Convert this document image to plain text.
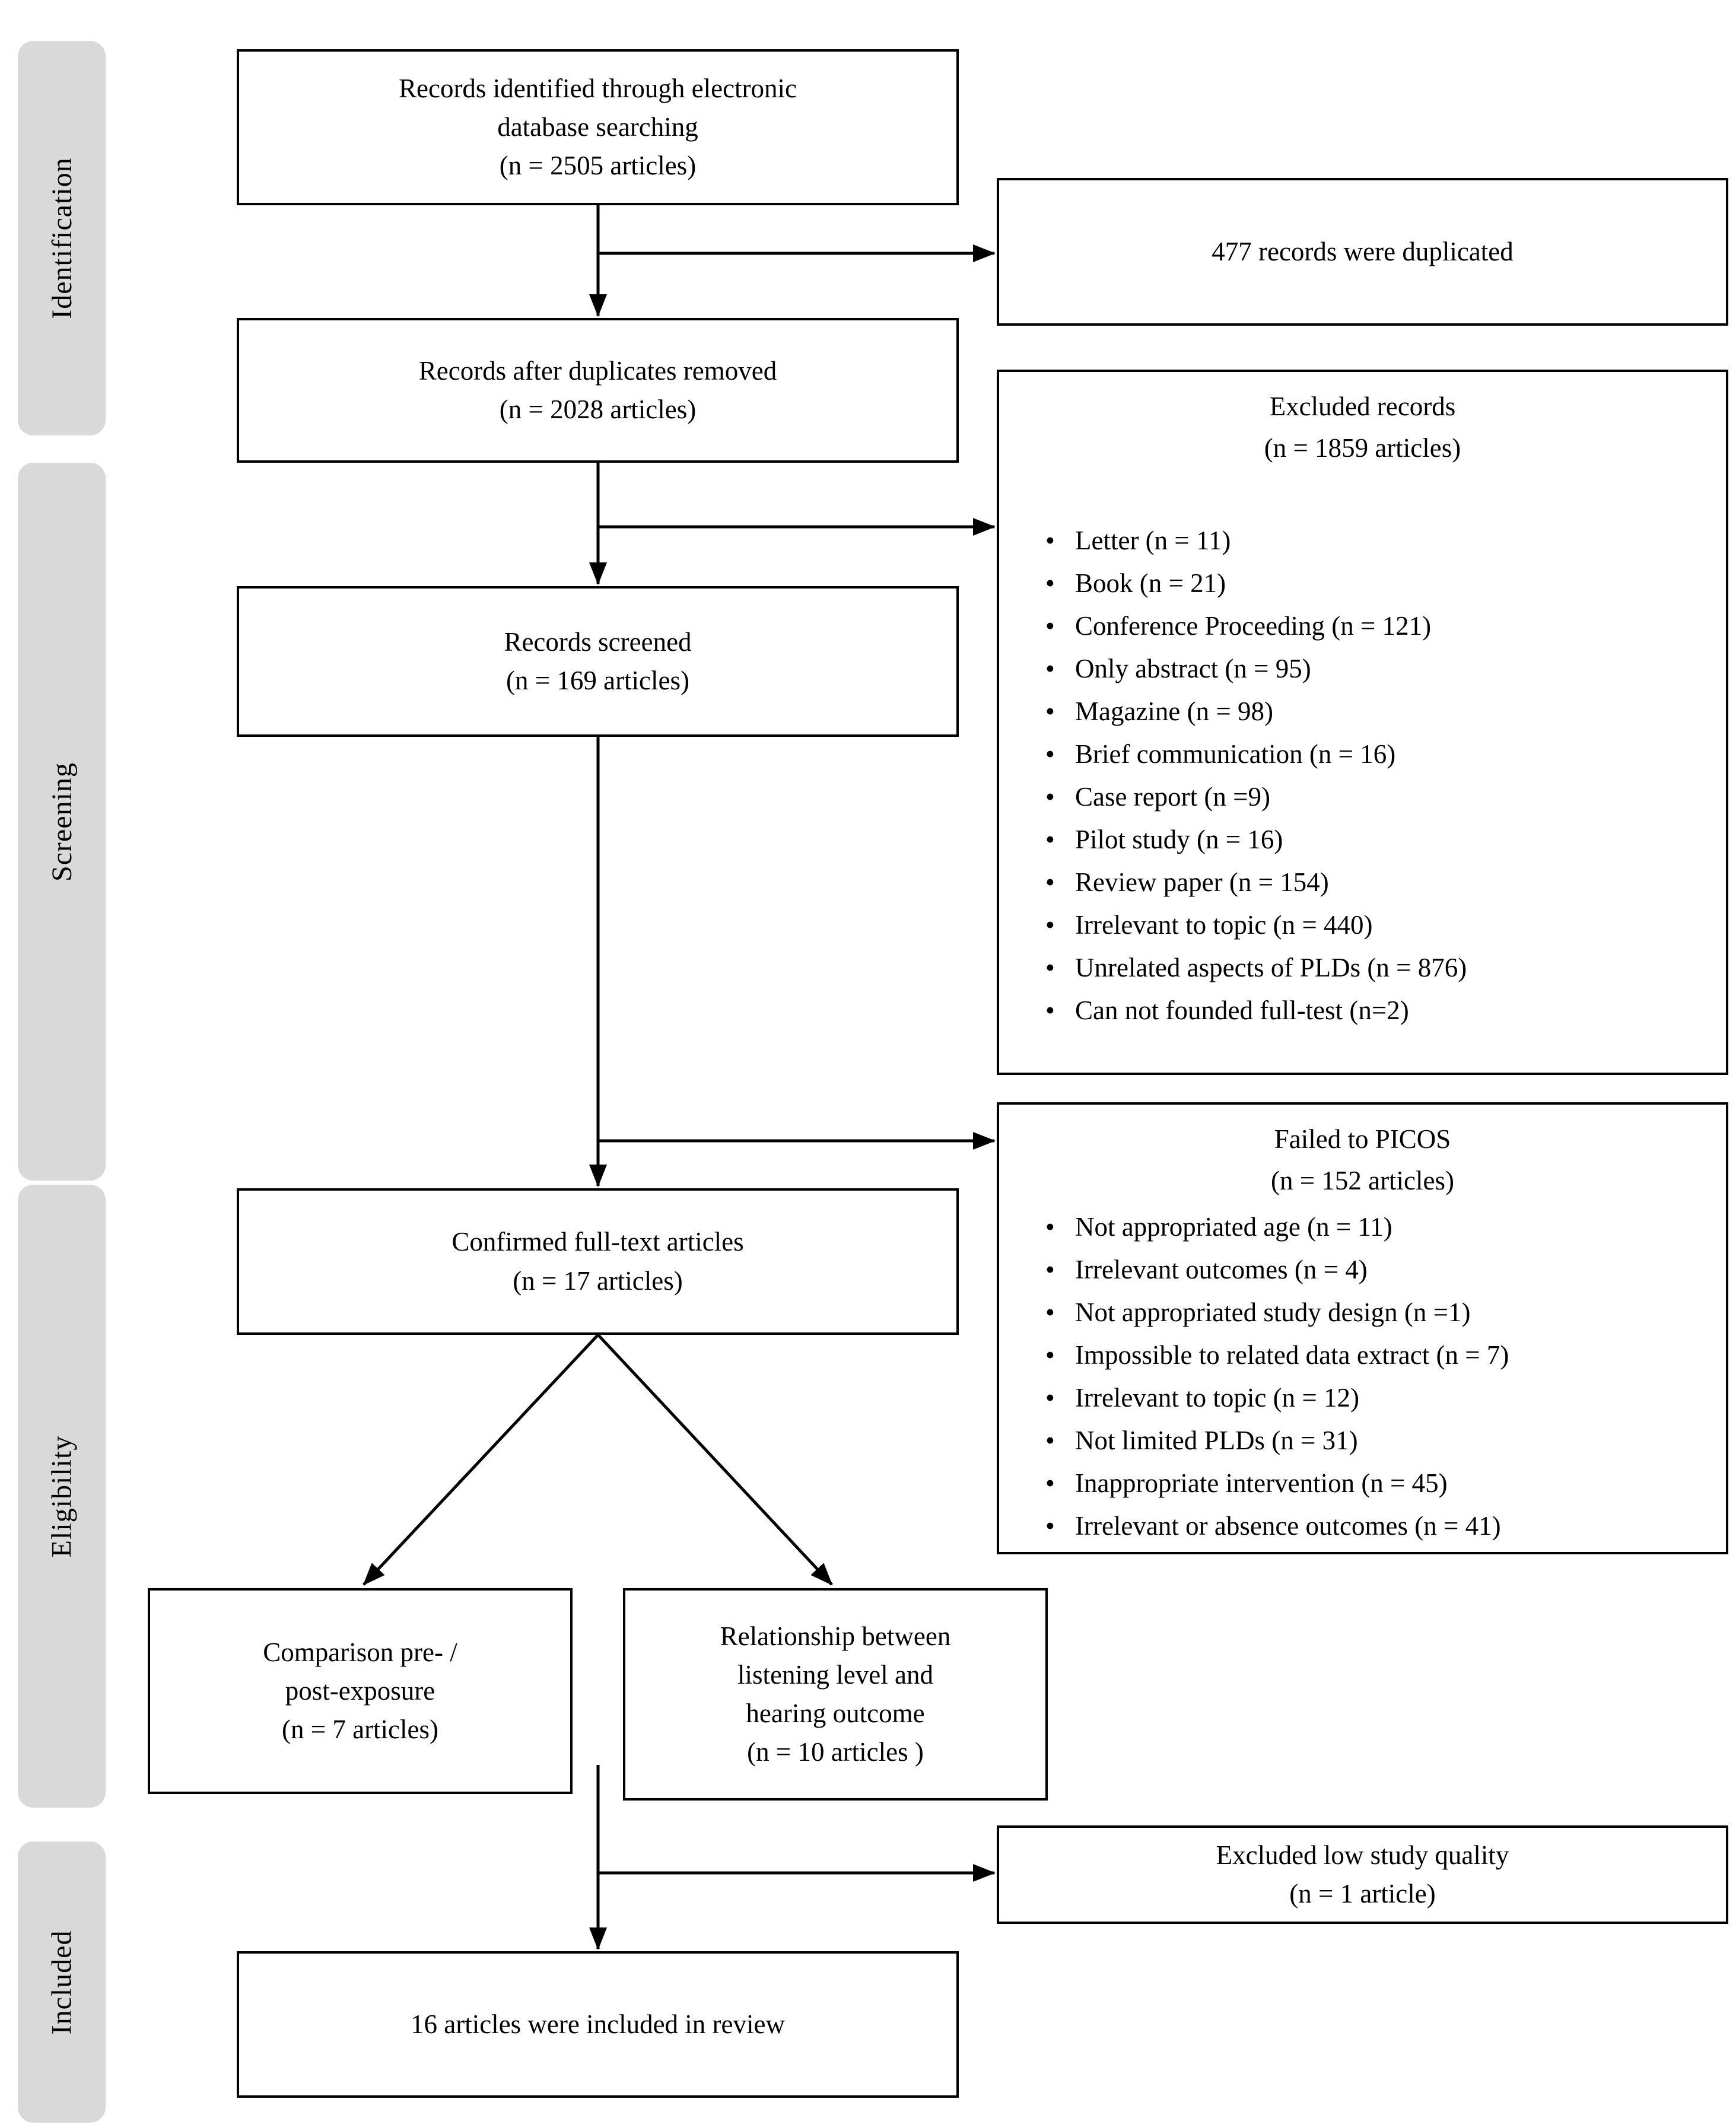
Identification
Screening
Eligibility
Included
Records identified through electronic
database searching
(n = 2505 articles)
Records after duplicates removed
(n = 2028 articles)
Records screened
(n = 169 articles)
Confirmed full-text articles
(n = 17 articles)
Comparison pre- /
post-exposure
(n = 7 articles)
Relationship between
listening level and
hearing outcome
(n = 10 articles )
16 articles were included in review
477 records were duplicated
Excluded records
(n = 1859 articles)
• Letter (n = 11)
• Book (n = 21)
• Conference Proceeding (n = 121)
• Only abstract (n = 95)
• Magazine (n = 98)
• Brief communication (n = 16)
• Case report (n =9)
• Pilot study (n = 16)
• Review paper (n = 154)
• Irrelevant to topic (n = 440)
• Unrelated aspects of PLDs (n = 876)
• Can not founded full-test (n=2)
Failed to PICOS
(n = 152 articles)
• Not appropriated age (n = 11)
• Irrelevant outcomes (n = 4)
• Not appropriated study design (n =1)
• Impossible to related data extract (n = 7)
• Irrelevant to topic (n = 12)
• Not limited PLDs (n = 31)
• Inappropriate intervention (n = 45)
• Irrelevant or absence outcomes (n = 41)
Excluded low study quality
(n = 1 article)
